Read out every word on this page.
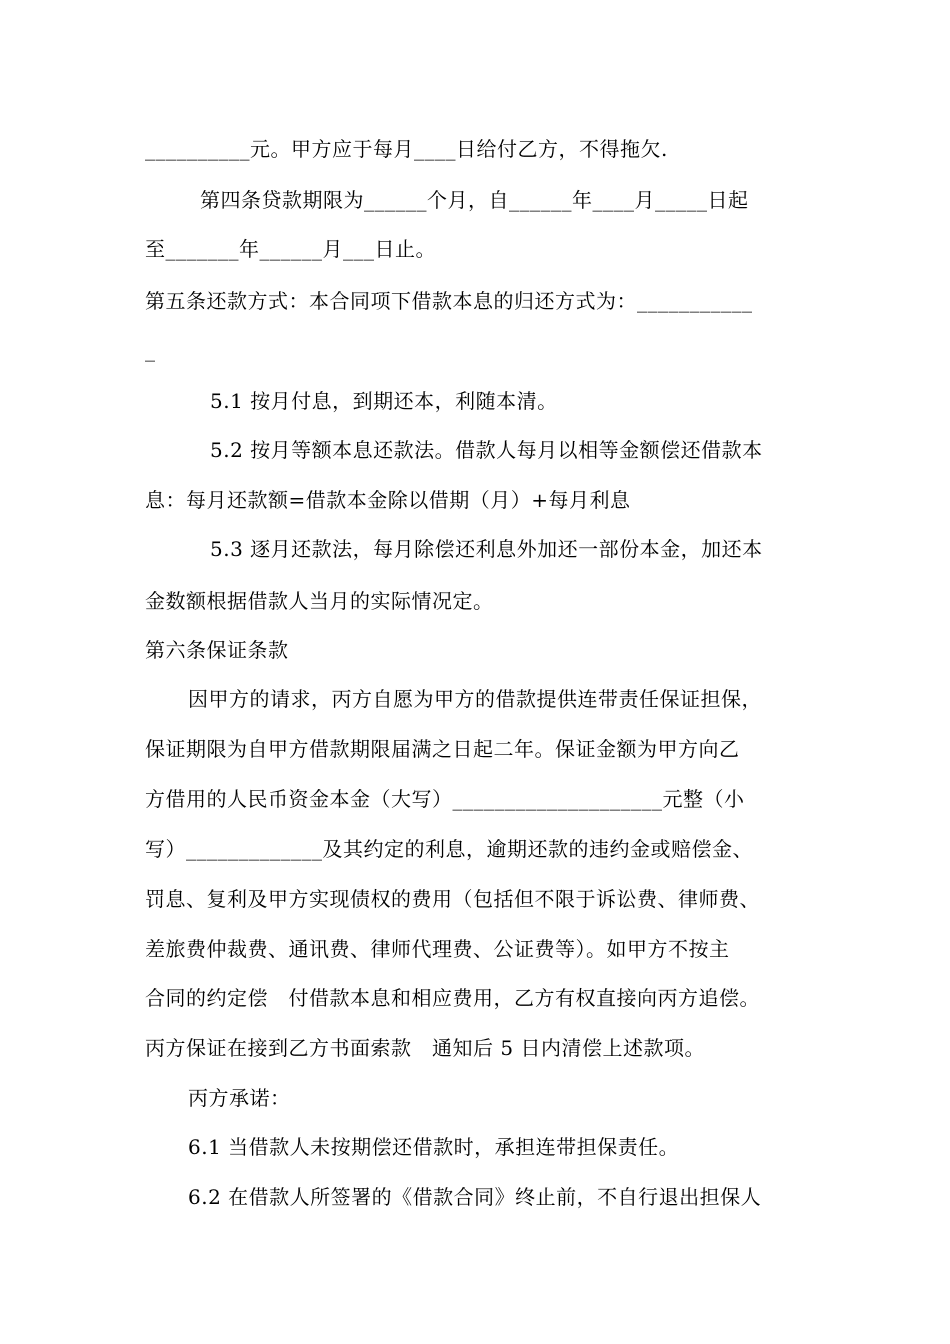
__________元。甲方应于每月____日给付乙方，不得拖欠.
第四条贷款期限为______个月，自______年____月_____日起
至_______年______月___日止。
第五条还款方式：本合同项下借款本息的归还方式为：___________
_
5.1 按月付息，到期还本，利随本清。
5.2 按月等额本息还款法。借款人每月以相等金额偿还借款本
息：每月还款额=借款本金除以借期（月）+每月利息
5.3 逐月还款法，每月除偿还利息外加还一部份本金，加还本
金数额根据借款人当月的实际情况定。
第六条保证条款
因甲方的请求，丙方自愿为甲方的借款提供连带责任保证担保，
保证期限为自甲方借款期限届满之日起二年。保证金额为甲方向乙
方借用的人民币资金本金（大写）____________________元整（小
写）_____________及其约定的利息，逾期还款的违约金或赔偿金、
罚息、复利及甲方实现债权的费用（包括但不限于诉讼费、律师费、
差旅费仲裁费、通讯费、律师代理费、公证费等）。如甲方不按主
合同的约定偿　付借款本息和相应费用，乙方有权直接向丙方追偿。
丙方保证在接到乙方书面索款　通知后 5 日内清偿上述款项。
丙方承诺：
6.1 当借款人未按期偿还借款时，承担连带担保责任。
6.2 在借款人所签署的《借款合同》终止前，不自行退出担保人
